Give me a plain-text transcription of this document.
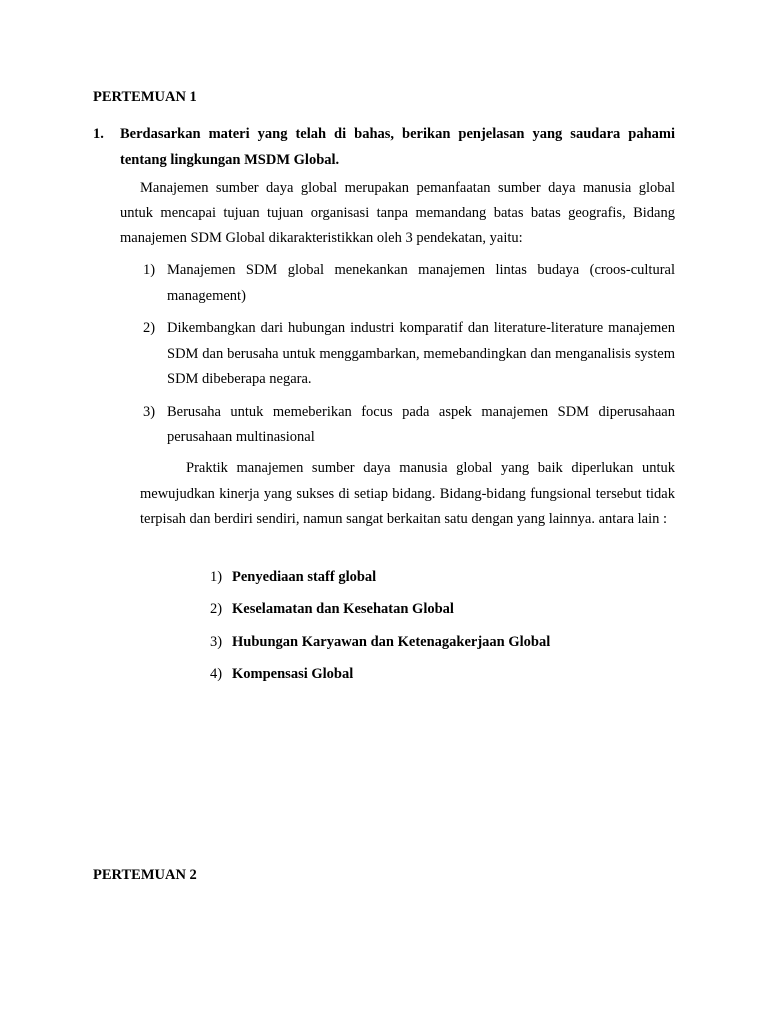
PERTEMUAN 1
1. Berdasarkan materi yang telah di bahas, berikan penjelasan yang saudara pahami tentang lingkungan MSDM Global.

Manajemen sumber daya global merupakan pemanfaatan sumber daya manusia global untuk mencapai tujuan tujuan organisasi tanpa memandang batas batas geografis, Bidang manajemen SDM Global dikarakteristikkan oleh 3 pendekatan, yaitu:

1) Manajemen SDM global menekankan manajemen lintas budaya (croos-cultural management)
2) Dikembangkan dari hubungan industri komparatif dan literature-literature manajemen SDM dan berusaha untuk menggambarkan, memebandingkan dan menganalisis system SDM dibeberapa negara.
3) Berusaha untuk memeberikan focus pada aspek manajemen SDM diperusahaan perusahaan multinasional

Praktik manajemen sumber daya manusia global yang baik diperlukan untuk mewujudkan kinerja yang sukses di setiap bidang. Bidang-bidang fungsional tersebut tidak terpisah dan berdiri sendiri, namun sangat berkaitan satu dengan yang lainnya. antara lain :

1) Penyediaan staff global
2) Keselamatan dan Kesehatan Global
3) Hubungan Karyawan dan Ketenagakerjaan Global
4) Kompensasi Global
PERTEMUAN 2
